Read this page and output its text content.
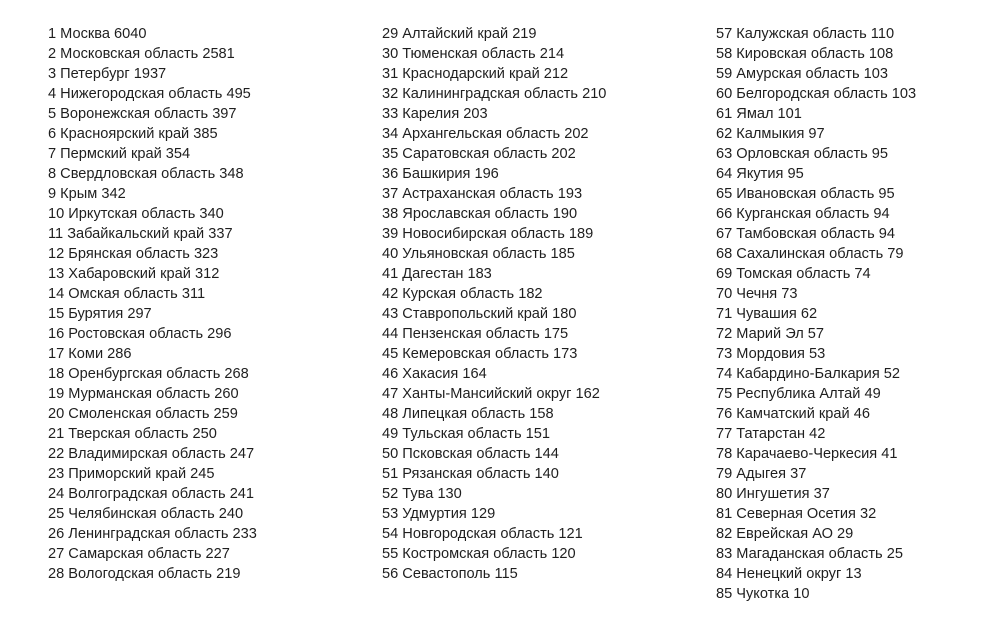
1 Москва 6040
2 Московская область 2581
3 Петербург 1937
4 Нижегородская область 495
5 Воронежская область 397
6 Красноярский край 385
7 Пермский край 354
8 Свердловская область 348
9 Крым 342
10 Иркутская область 340
11 Забайкальский край 337
12 Брянская область 323
13 Хабаровский край 312
14 Омская область 311
15 Бурятия 297
16 Ростовская область 296
17 Коми 286
18 Оренбургская область 268
19 Мурманская область 260
20 Смоленская область 259
21 Тверская область 250
22 Владимирская область 247
23 Приморский край 245
24 Волгоградская область 241
25 Челябинская область 240
26 Ленинградская область 233
27 Самарская область 227
28 Вологодская область 219
29 Алтайский край 219
30 Тюменская область 214
31 Краснодарский край 212
32 Калининградская область 210
33 Карелия 203
34 Архангельская область 202
35 Саратовская область 202
36 Башкирия 196
37 Астраханская область 193
38 Ярославская область 190
39 Новосибирская область 189
40 Ульяновская область 185
41 Дагестан 183
42 Курская область 182
43 Ставропольский край 180
44 Пензенская область 175
45 Кемеровская область 173
46 Хакасия 164
47 Ханты-Мансийский округ 162
48 Липецкая область 158
49 Тульская область 151
50 Псковская область 144
51 Рязанская область 140
52 Тува 130
53 Удмуртия 129
54 Новгородская область 121
55 Костромская область 120
56 Севастополь 115
57 Калужская область 110
58 Кировская область 108
59 Амурская область 103
60 Белгородская область 103
61 Ямал 101
62 Калмыкия 97
63 Орловская область 95
64 Якутия 95
65 Ивановская область 95
66 Курганская область 94
67 Тамбовская область 94
68 Сахалинская область 79
69 Томская область 74
70 Чечня 73
71 Чувашия 62
72 Марий Эл 57
73 Мордовия 53
74 Кабардино-Балкария 52
75 Республика Алтай 49
76 Камчатский край 46
77 Татарстан 42
78 Карачаево-Черкесия 41
79 Адыгея 37
80 Ингушетия 37
81 Северная Осетия 32
82 Еврейская АО 29
83 Магаданская область 25
84 Ненецкий округ 13
85 Чукотка 10
